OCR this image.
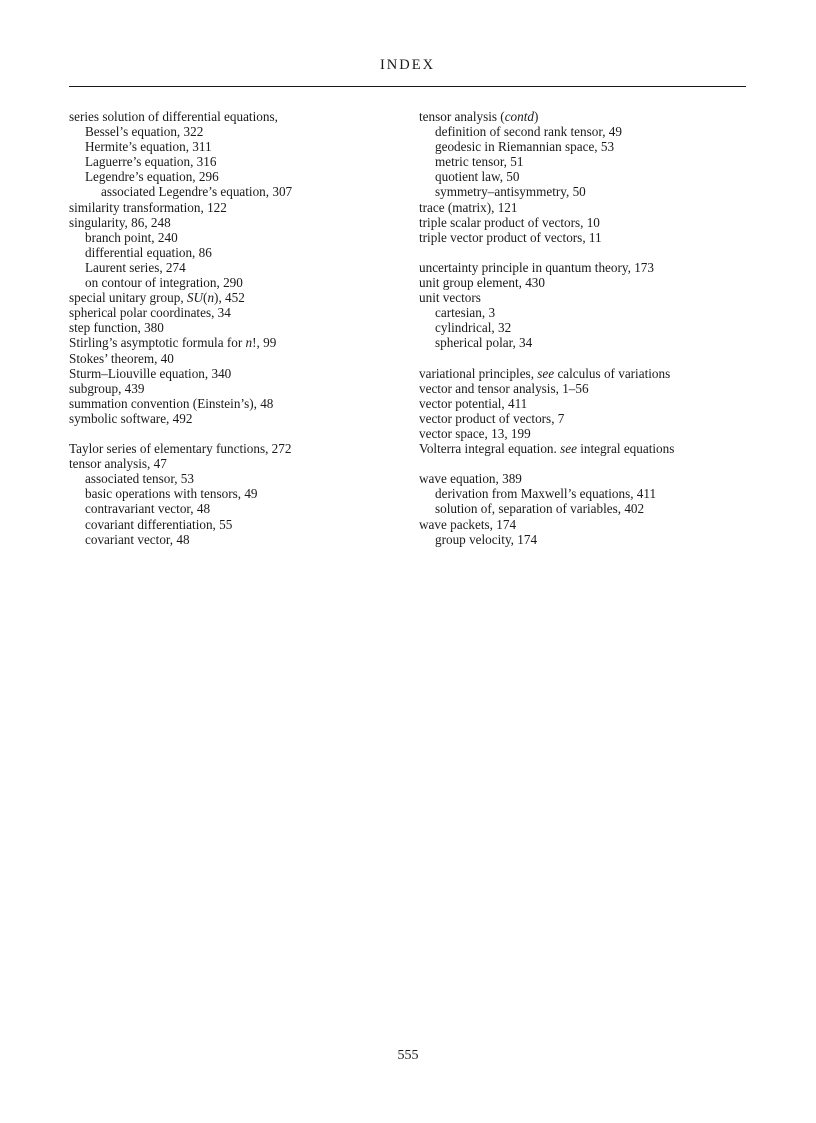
INDEX
series solution of differential equations,
Bessel’s equation, 322
Hermite’s equation, 311
Laguerre’s equation, 316
Legendre’s equation, 296
associated Legendre’s equation, 307
similarity transformation, 122
singularity, 86, 248
branch point, 240
differential equation, 86
Laurent series, 274
on contour of integration, 290
special unitary group, SU(n), 452
spherical polar coordinates, 34
step function, 380
Stirling’s asymptotic formula for n!, 99
Stokes’ theorem, 40
Sturm–Liouville equation, 340
subgroup, 439
summation convention (Einstein’s), 48
symbolic software, 492
Taylor series of elementary functions, 272
tensor analysis, 47
associated tensor, 53
basic operations with tensors, 49
contravariant vector, 48
covariant differentiation, 55
covariant vector, 48
tensor analysis (contd)
definition of second rank tensor, 49
geodesic in Riemannian space, 53
metric tensor, 51
quotient law, 50
symmetry–antisymmetry, 50
trace (matrix), 121
triple scalar product of vectors, 10
triple vector product of vectors, 11
uncertainty principle in quantum theory, 173
unit group element, 430
unit vectors
cartesian, 3
cylindrical, 32
spherical polar, 34
variational principles, see calculus of variations
vector and tensor analysis, 1–56
vector potential, 411
vector product of vectors, 7
vector space, 13, 199
Volterra integral equation. see integral equations
wave equation, 389
derivation from Maxwell’s equations, 411
solution of, separation of variables, 402
wave packets, 174
group velocity, 174
555
